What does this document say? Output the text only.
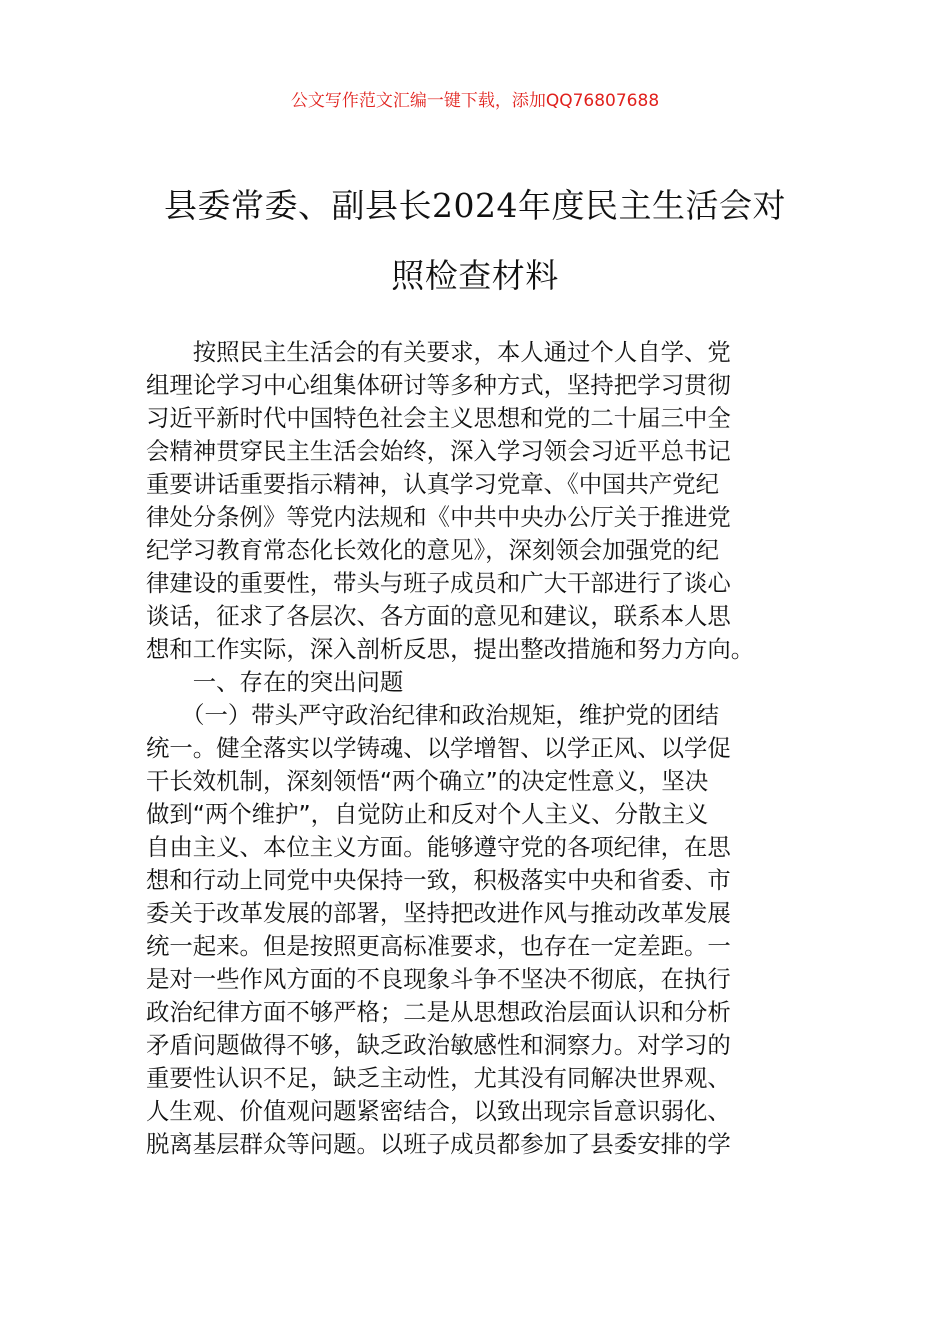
公文写作范文汇编一键下载，添加QQ76807688
县委常委、副县长2024年度民主生活会对
照检查材料
　　按照民主生活会的有关要求，本人通过个人自学、党
组理论学习中心组集体研讨等多种方式，坚持把学习贯彻
习近平新时代中国特色社会主义思想和党的二十届三中全
会精神贯穿民主生活会始终，深入学习领会习近平总书记
重要讲话重要指示精神，认真学习党章、《中国共产党纪
律处分条例》等党内法规和《中共中央办公厅关于推进党
纪学习教育常态化长效化的意见》，深刻领会加强党的纪
律建设的重要性，带头与班子成员和广大干部进行了谈心
谈话，征求了各层次、各方面的意见和建议，联系本人思
想和工作实际，深入剖析反思，提出整改措施和努力方向。
　　一、存在的突出问题
　　（一）带头严守政治纪律和政治规矩，维护党的团结
统一。健全落实以学铸魂、以学增智、以学正风、以学促
干长效机制，深刻领悟“两个确立”的决定性意义，坚决
做到“两个维护”，自觉防止和反对个人主义、分散主义
自由主义、本位主义方面。能够遵守党的各项纪律，在思
想和行动上同党中央保持一致，积极落实中央和省委、市
委关于改革发展的部署，坚持把改进作风与推动改革发展
统一起来。但是按照更高标准要求，也存在一定差距。一
是对一些作风方面的不良现象斗争不坚决不彻底，在执行
政治纪律方面不够严格；二是从思想政治层面认识和分析
矛盾问题做得不够，缺乏政治敏感性和洞察力。对学习的
重要性认识不足，缺乏主动性，尤其没有同解决世界观、
人生观、价值观问题紧密结合，以致出现宗旨意识弱化、
脱离基层群众等问题。以班子成员都参加了县委安排的学
